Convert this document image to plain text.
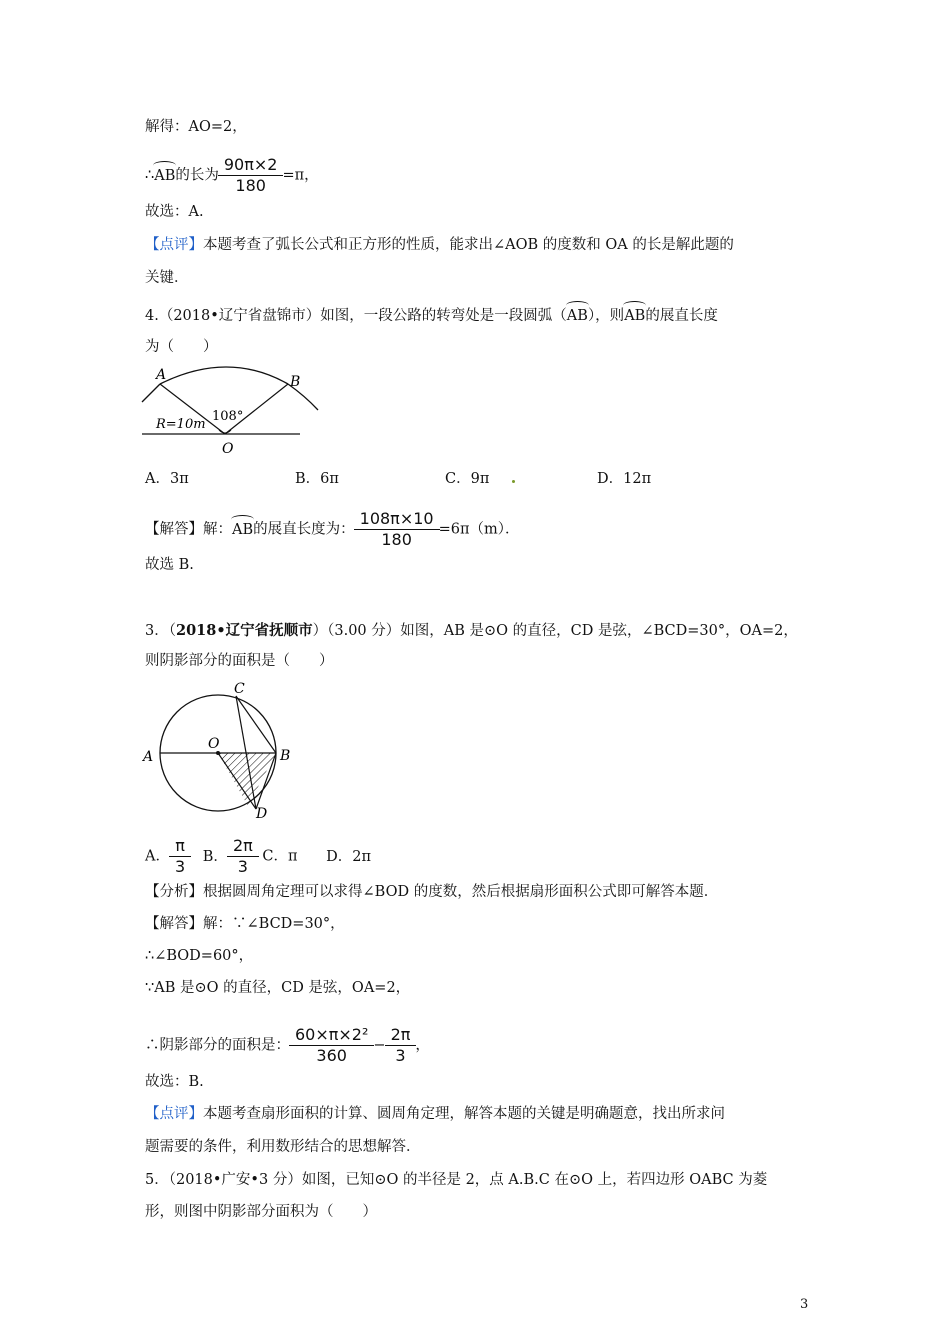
解得：AO=2，
∴AB的长为 $\frac{90\pi\times 2}{180} =\pi$，
故选：A.
【点评】本题考查了弧长公式和正方形的性质，能求出∠AOB 的度数和 OA 的长是解此题的
关键．
4.（2018•辽宁省盘锦市）如图，一段公路的转弯处是一段圆弧（AB），则AB的展直长度
为（　　）
A	B
O
108°
R=10m
A．3π	B．6π	C．9π	D．12π
【解答】解：AB的展直长度为： $\frac{108\pi\times 10}{180} =6\pi(m)$．
故选 B.
3．（2018•辽宁省抚顺市）（3.00 分）如图，AB 是⊙O 的直径，CD 是弦，∠BCD=30°，OA=2，
则阴影部分的面积是（　　）
A	B
C
D
O
A． $\frac{\pi}{3}$ B． $\frac{2\pi}{3}$ C．π D．2π
【分析】根据圆周角定理可以求得∠BOD 的度数，然后根据扇形面积公式即可解答本题．
【解答】解：∵∠BCD=30°，
∴∠BOD=60°，
∵AB 是⊙O 的直径，CD 是弦，OA=2，
∴阴影部分的面积是： $\frac{\text{60×π×2²}}{360} - \frac{2\pi}{3}$ ，
故选：B.
【点评】本题考查扇形面积的计算、圆周角定理，解答本题的关键是明确题意，找出所求问
题需要的条件，利用数形结合的思想解答．
5．（2018•广安•3 分）如图，已知⊙O 的半径是 2，点 A.B.C 在⊙O 上，若四边形 OABC 为菱
形，则图中阴影部分面积为（　　）
3
